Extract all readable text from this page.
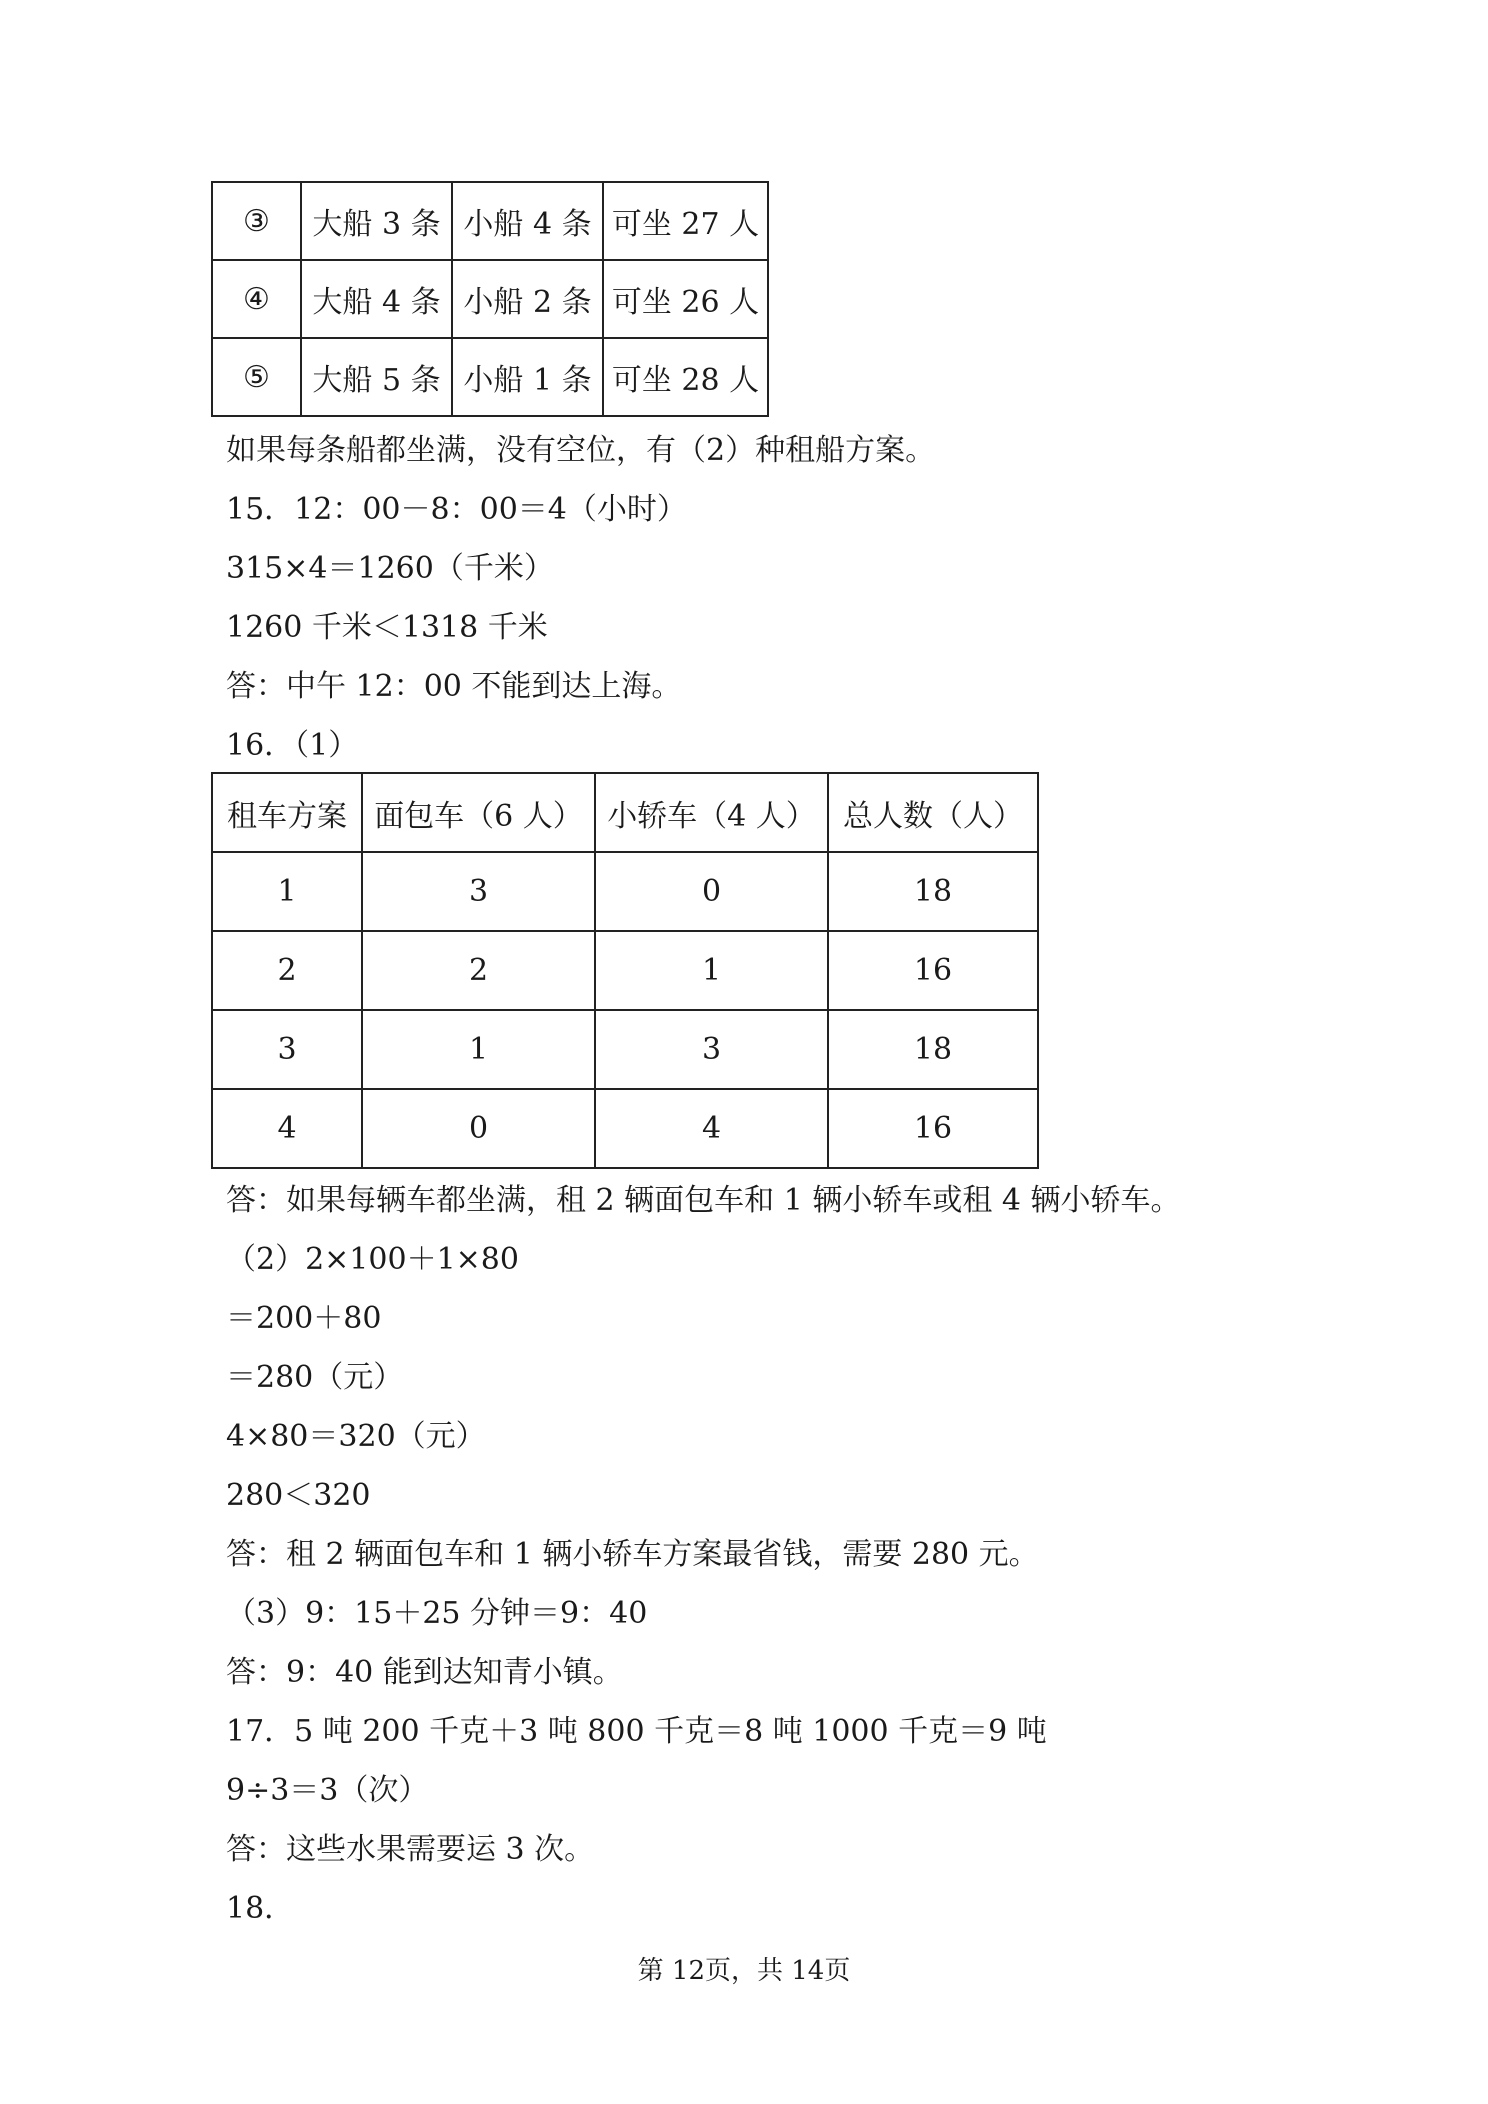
③	大船 3 条	小船 4 条	可坐 27 人
④	大船 4 条	小船 2 条	可坐 26 人
⑤	大船 5 条	小船 1 条	可坐 28 人
如果每条船都坐满，没有空位，有（2）种租船方案。
15．12：00－8：00＝4（小时）
315×4＝1260（千米）
1260 千米＜1318 千米
答：中午 12：00 不能到达上海。
16．（1）
租车方案	面包车（6 人）	小轿车（4 人）	总人数（人）
1	3	0	18
2	2	1	16
3	1	3	18
4	0	4	16
答：如果每辆车都坐满，租 2 辆面包车和 1 辆小轿车或租 4 辆小轿车。
（2）2×100＋1×80
＝200＋80
＝280（元）
4×80＝320（元）
280＜320
答：租 2 辆面包车和 1 辆小轿车方案最省钱，需要 280 元。
（3）9：15＋25 分钟＝9：40
答：9：40 能到达知青小镇。
17．5 吨 200 千克＋3 吨 800 千克＝8 吨 1000 千克＝9 吨
9÷3＝3（次）
答：这些水果需要运 3 次。
18．
第 12页，共 14页
